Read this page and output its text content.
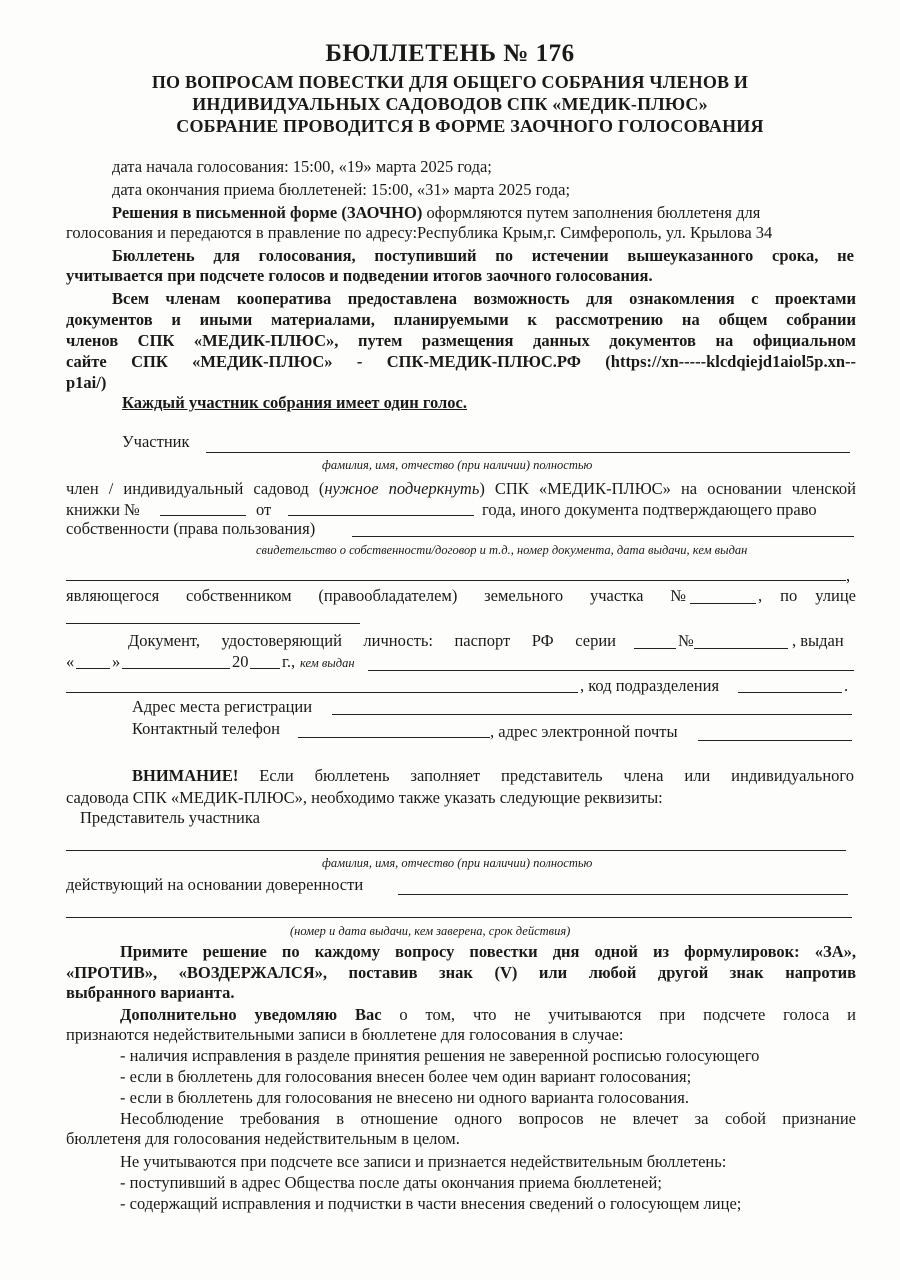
БЮЛЛЕТЕНЬ № 176
ПО ВОПРОСАМ ПОВЕСТКИ ДЛЯ ОБЩЕГО СОБРАНИЯ ЧЛЕНОВ И
ИНДИВИДУАЛЬНЫХ САДОВОДОВ СПК «МЕДИК-ПЛЮС»
СОБРАНИЕ ПРОВОДИТСЯ В ФОРМЕ ЗАОЧНОГО ГОЛОСОВАНИЯ
дата начала голосования: 15:00, «19» марта 2025 года;
дата окончания приема бюллетеней: 15:00, «31» марта 2025 года;
Решения в письменной форме (ЗАОЧНО) оформляются путем заполнения бюллетеня для
голосования и передаются в правление по адресу:Республика Крым,г. Симферополь, ул. Крылова 34
Бюллетень для голосования, поступивший по истечении вышеуказанного срока, не
учитывается при подсчете голосов и подведении итогов заочного голосования.
Всем членам кооператива предоставлена возможность для ознакомления с проектами
документов и иными материалами, планируемыми к рассмотрению на общем собрании
членов СПК «МЕДИК-ПЛЮС», путем размещения данных документов на официальном
сайте СПК «МЕДИК-ПЛЮС» - СПК-МЕДИК-ПЛЮС.РФ (https://xn-----klcdqiejd1aiol5p.xn--
p1ai/)
Каждый участник собрания имеет один голос.
Участник
фамилия, имя, отчество (при наличии) полностью
член / индивидуальный садовод (нужное подчеркнуть) СПК «МЕДИК-ПЛЮС» на основании членской
книжки №	от	года, иного документа подтверждающего право
собственности (права пользования)
свидетельство о собственности/договор и т.д., номер документа, дата выдачи, кем выдан
,
являющегося собственником (правообладателем) земельного участка №	, по улице
Документ, удостоверяющий личность: паспорт РФ серии	№	, выдан
« »	20 г., кем выдан
, код подразделения	.
Адрес места регистрации
Контактный телефон	, адрес электронной почты
ВНИМАНИЕ! Если бюллетень заполняет представитель члена или индивидуального
садовода СПК «МЕДИК-ПЛЮС», необходимо также указать следующие реквизиты:
Представитель участника
фамилия, имя, отчество (при наличии) полностью
действующий на основании доверенности
(номер и дата выдачи, кем заверена, срок действия)
Примите решение по каждому вопросу повестки дня одной из формулировок: «ЗА»,
«ПРОТИВ», «ВОЗДЕРЖАЛСЯ», поставив знак (V) или любой другой знак напротив
выбранного варианта.
Дополнительно уведомляю Вас о том, что не учитываются при подсчете голоса и
признаются недействительными записи в бюллетене для голосования в случае:
- наличия исправления в разделе принятия решения не заверенной росписью голосующего
- если в бюллетень для голосования внесен более чем один вариант голосования;
- если в бюллетень для голосования не внесено ни одного варианта голосования.
Несоблюдение требования в отношение одного вопросов не влечет за собой признание
бюллетеня для голосования недействительным в целом.
Не учитываются при подсчете все записи и признается недействительным бюллетень:
- поступивший в адрес Общества после даты окончания приема бюллетеней;
- содержащий исправления и подчистки в части внесения сведений о голосующем лице;
